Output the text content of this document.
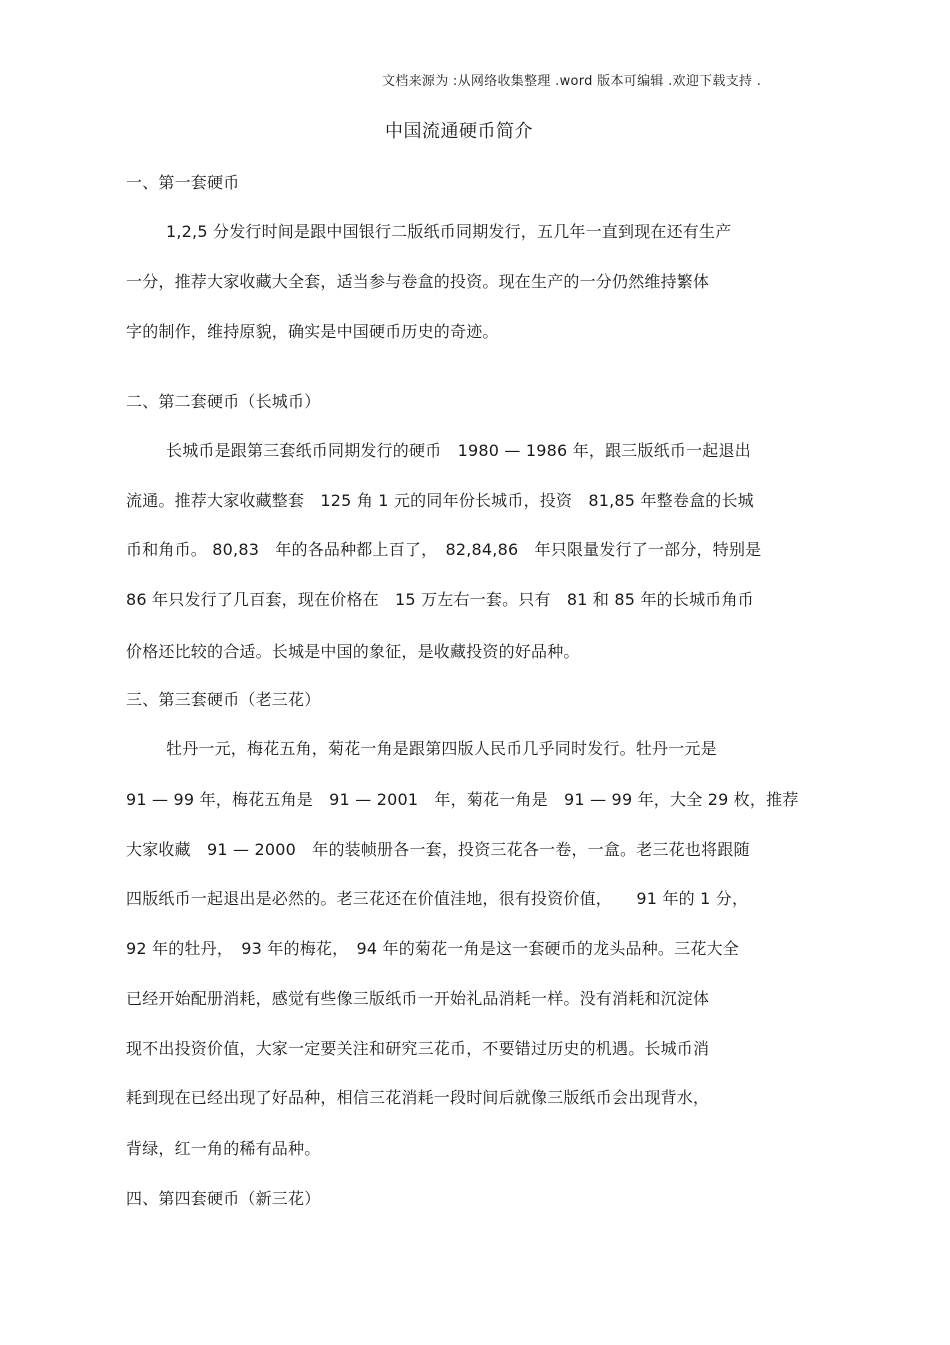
文档来源为 :从网络收集整理 .word 版本可编辑 .欢迎下载支持 .
中国流通硬币简介
一、第一套硬币
1,2,5 分发行时间是跟中国银行二版纸币同期发行，五几年一直到现在还有生产
一分，推荐大家收藏大全套，适当参与卷盒的投资。现在生产的一分仍然维持繁体
字的制作，维持原貌，确实是中国硬币历史的奇迹。
二、第二套硬币（长城币）
长城币是跟第三套纸币同期发行的硬币　1980 — 1986 年，跟三版纸币一起退出
流通。推荐大家收藏整套　125 角 1 元的同年份长城币，投资　81,85 年整卷盒的长城
币和角币。 80,83　年的各品种都上百了，　82,84,86　年只限量发行了一部分，特别是
86 年只发行了几百套，现在价格在　15 万左右一套。只有　81 和 85 年的长城币角币
价格还比较的合适。长城是中国的象征，是收藏投资的好品种。
三、第三套硬币（老三花）
牡丹一元，梅花五角，菊花一角是跟第四版人民币几乎同时发行。牡丹一元是
91 — 99 年，梅花五角是　91 — 2001　年，菊花一角是　91 — 99 年，大全 29 枚，推荐
大家收藏　91 — 2000　年的装帧册各一套，投资三花各一卷，一盒。老三花也将跟随
四版纸币一起退出是必然的。老三花还在价值洼地，很有投资价值，　　91 年的 1 分，
92 年的牡丹，　93 年的梅花，　94 年的菊花一角是这一套硬币的龙头品种。三花大全
已经开始配册消耗，感觉有些像三版纸币一开始礼品消耗一样。没有消耗和沉淀体
现不出投资价值，大家一定要关注和研究三花币，不要错过历史的机遇。长城币消
耗到现在已经出现了好品种，相信三花消耗一段时间后就像三版纸币会出现背水，
背绿，红一角的稀有品种。
四、第四套硬币（新三花）
